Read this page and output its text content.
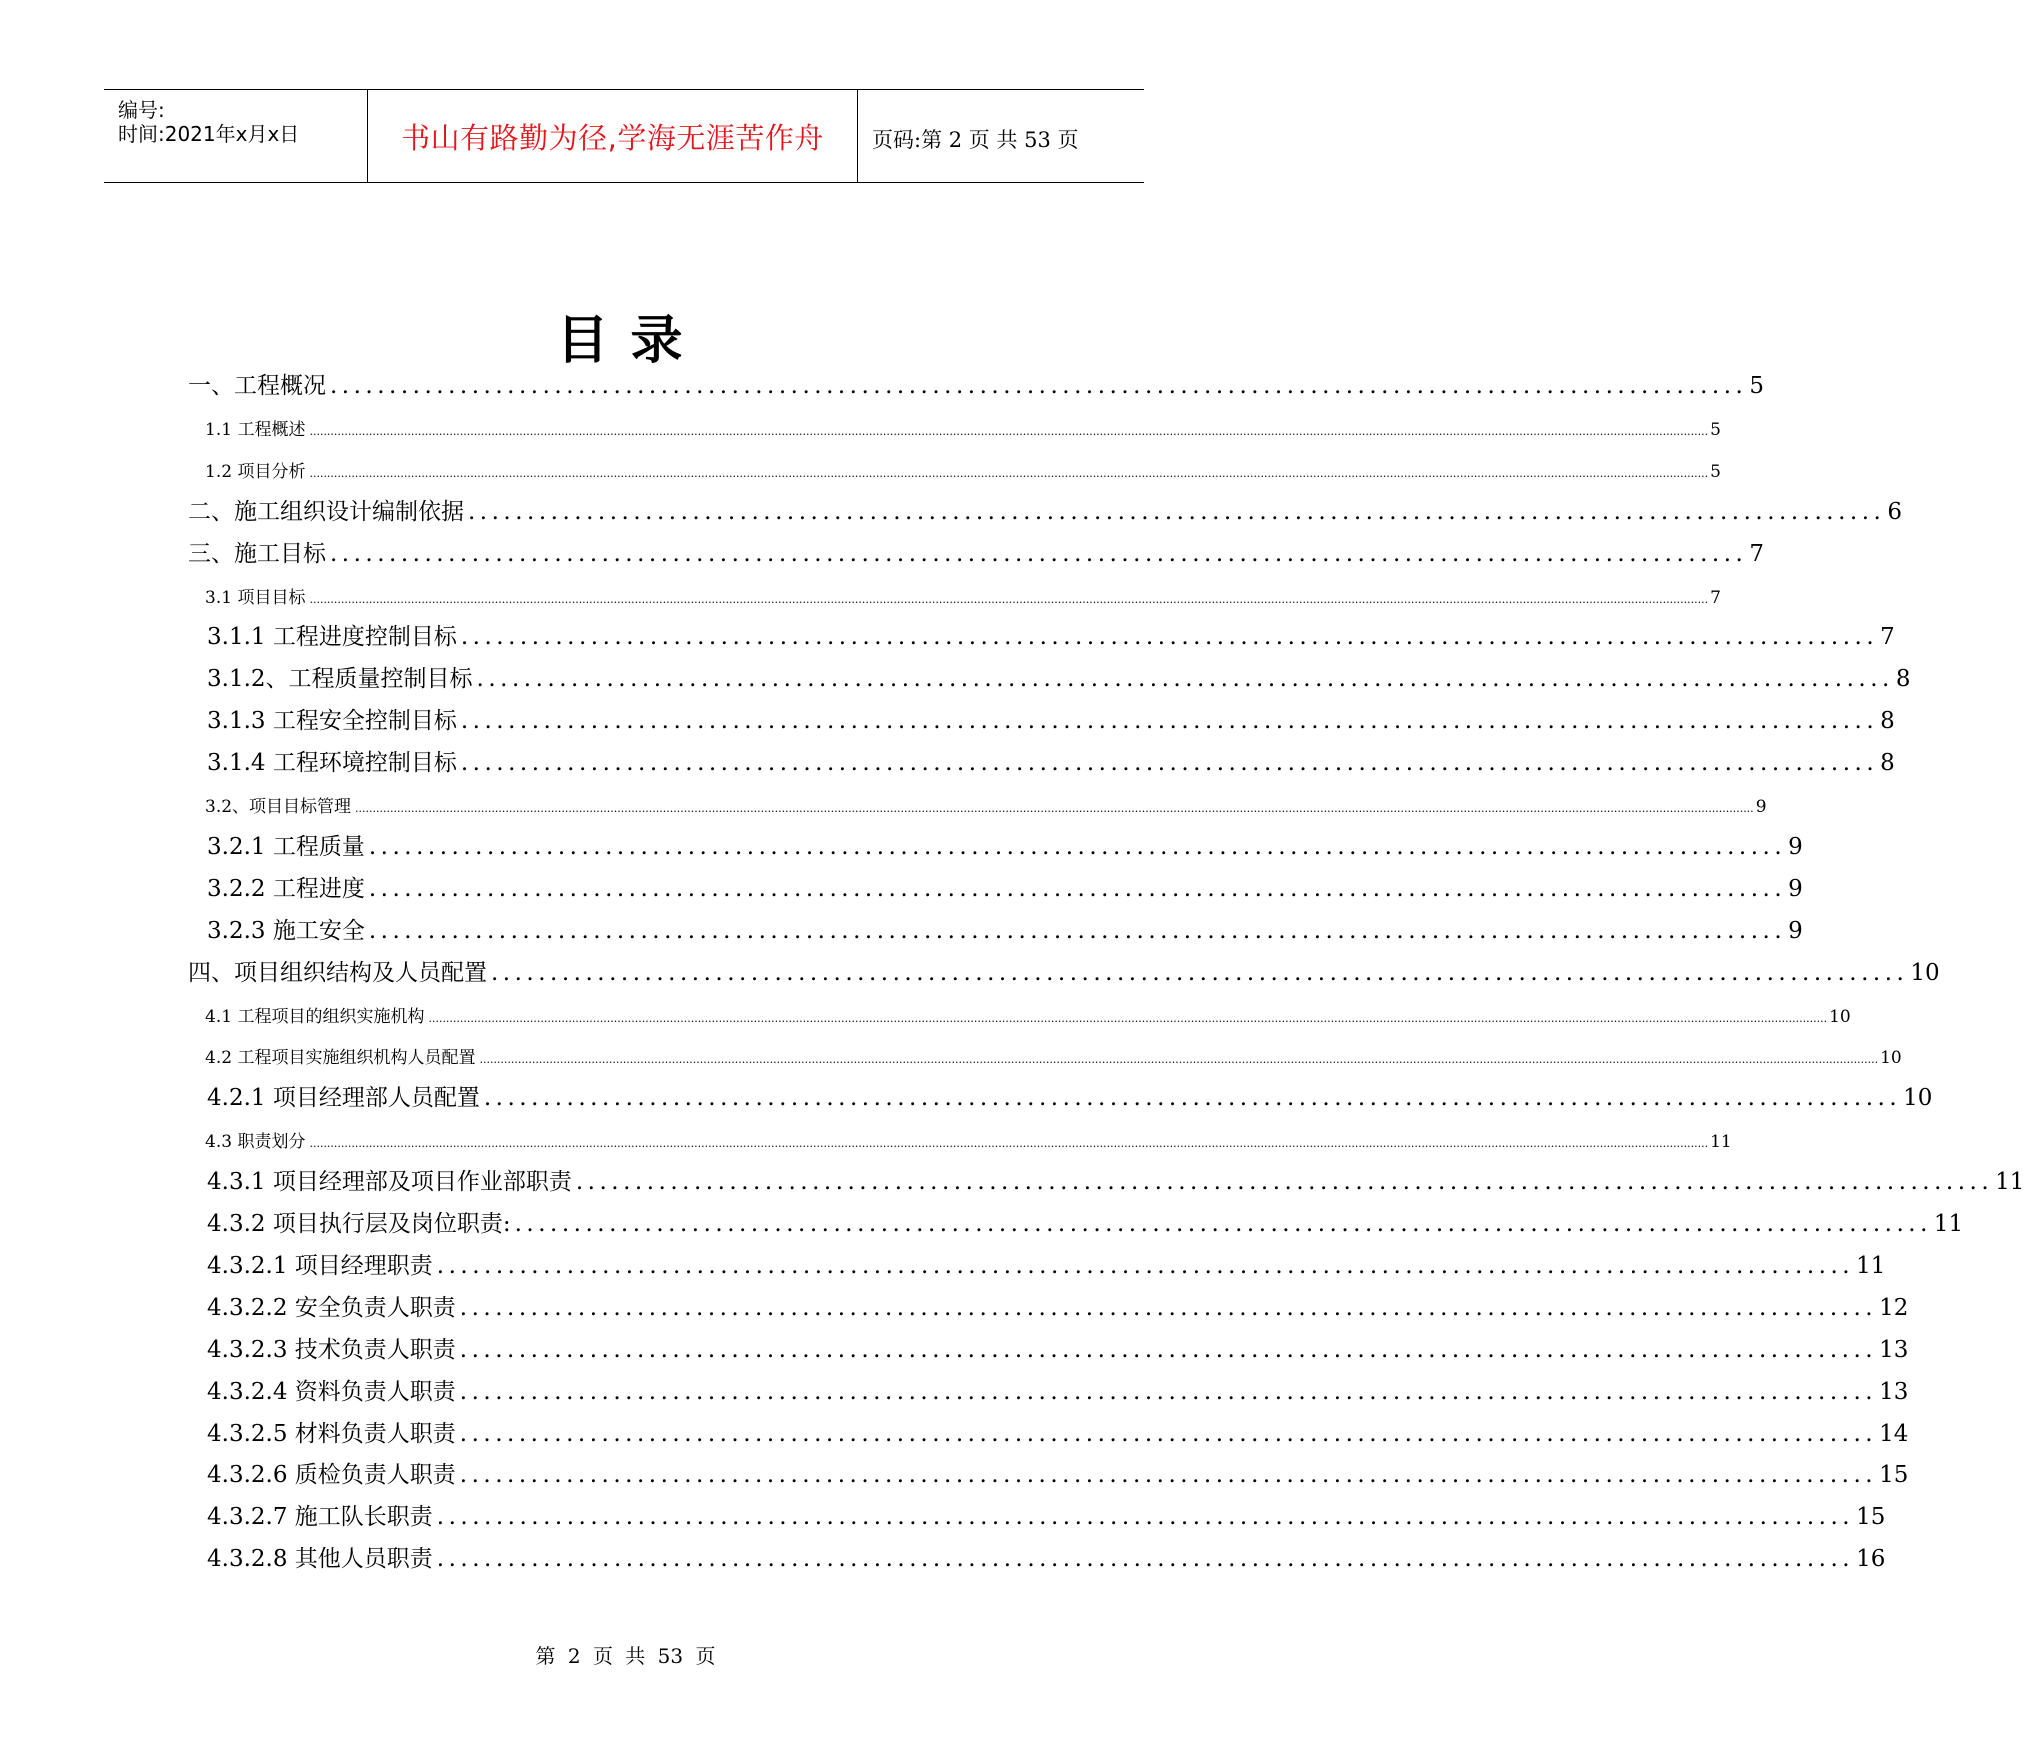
编号:
时间:2021年x月x日	书山有路勤为径,学海无涯苦作舟	页码:第 2 页 共 53 页
目 录
一、工程概况 ........................................................................................................................ 5
1.1 工程概述 ................................................................................................................................................................................................................................................................................................................................................................................................................ 5
1.2 项目分析 ................................................................................................................................................................................................................................................................................................................................................................................................................ 5
二、施工组织设计编制依据 ........................................................................................................................ 6
三、施工目标 ........................................................................................................................ 7
3.1 项目目标 ................................................................................................................................................................................................................................................................................................................................................................................................................ 7
3.1.1 工程进度控制目标 ........................................................................................................................ 7
3.1.2、工程质量控制目标 ........................................................................................................................ 8
3.1.3 工程安全控制目标 ........................................................................................................................ 8
3.1.4 工程环境控制目标 ........................................................................................................................ 8
3.2、项目目标管理 ................................................................................................................................................................................................................................................................................................................................................................................................................ 9
3.2.1 工程质量 ........................................................................................................................ 9
3.2.2 工程进度 ........................................................................................................................ 9
3.2.3 施工安全 ........................................................................................................................ 9
四、项目组织结构及人员配置 ........................................................................................................................ 10
4.1 工程项目的组织实施机构 ................................................................................................................................................................................................................................................................................................................................................................................................................ 10
4.2 工程项目实施组织机构人员配置 ................................................................................................................................................................................................................................................................................................................................................................................................................ 10
4.2.1 项目经理部人员配置 ........................................................................................................................ 10
4.3 职责划分 ................................................................................................................................................................................................................................................................................................................................................................................................................ 11
4.3.1 项目经理部及项目作业部职责 ........................................................................................................................ 11
4.3.2 项目执行层及岗位职责: ........................................................................................................................ 11
4.3.2.1 项目经理职责 ........................................................................................................................ 11
4.3.2.2 安全负责人职责 ........................................................................................................................ 12
4.3.2.3 技术负责人职责 ........................................................................................................................ 13
4.3.2.4 资料负责人职责 ........................................................................................................................ 13
4.3.2.5 材料负责人职责 ........................................................................................................................ 14
4.3.2.6 质检负责人职责 ........................................................................................................................ 15
4.3.2.7 施工队长职责 ........................................................................................................................ 15
4.3.2.8 其他人员职责 ........................................................................................................................ 16
第 2 页 共 53 页
